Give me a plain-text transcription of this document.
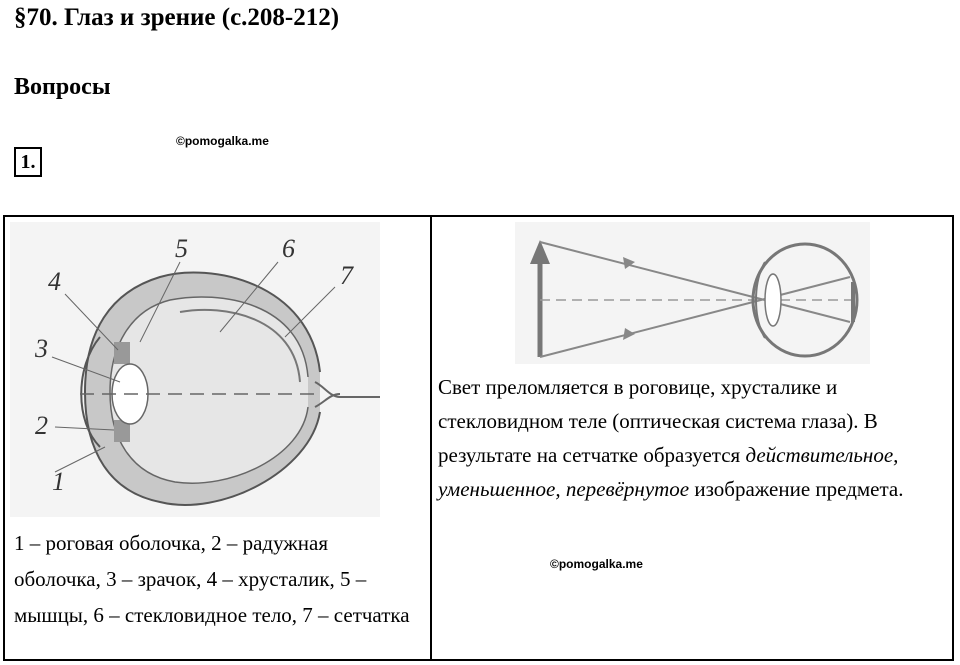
§70. Глаз и зрение (с.208-212)
Вопросы
1.
©pomogalka.me
1
2
3
4
5	6
7
1 – роговая оболочка, 2 – радужная оболочка, 3 – зрачок, 4 – хрусталик, 5 – мышцы, 6 – стекловидное тело, 7 – сетчатка
Свет преломляется в роговице, хрусталике и стекловидном теле (оптическая система глаза). В результате на сетчатке образуется действительное, уменьшенное, перевёрнутое изображение предмета.
©pomogalka.me
